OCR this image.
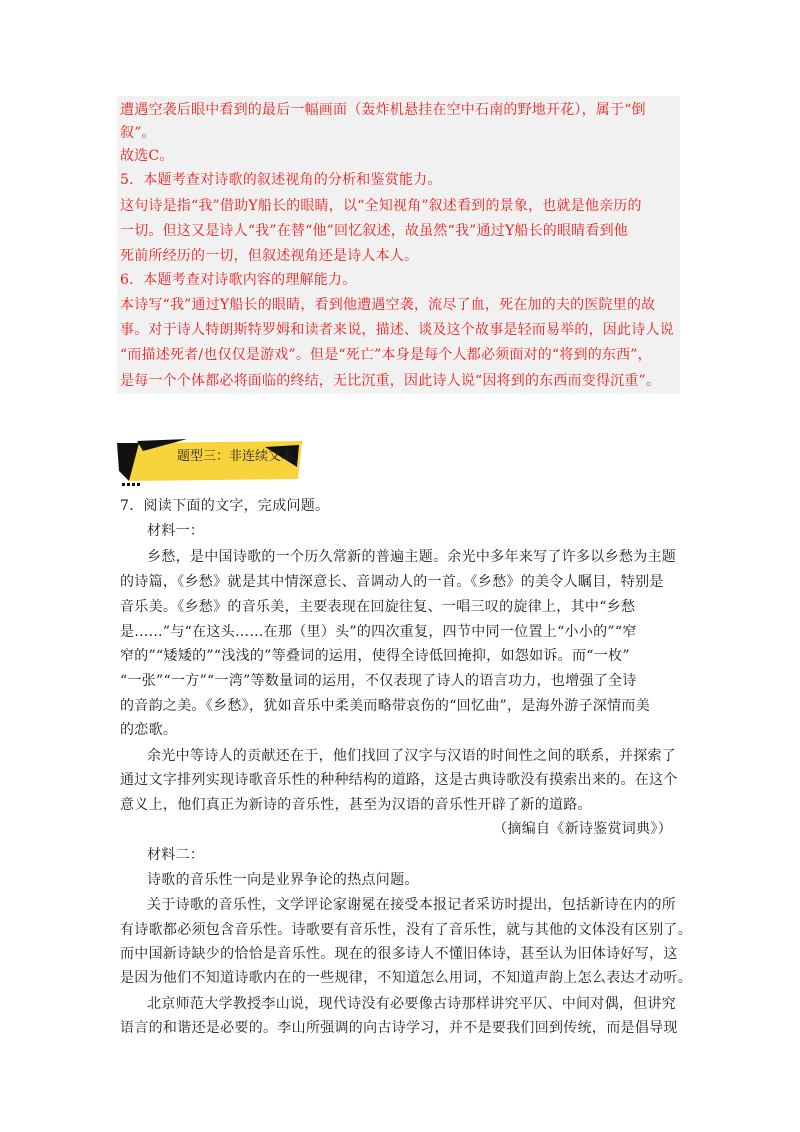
遭遇空袭后眼中看到的最后一幅画面（轰炸机悬挂在空中石南的野地开花），属于“倒
叙”。
故选C。
5．本题考查对诗歌的叙述视角的分析和鉴赏能力。
这句诗是指“我”借助Y船长的眼睛，以“全知视角”叙述看到的景象，也就是他亲历的
一切。但这又是诗人“我”在替“他”回忆叙述，故虽然“我”通过Y船长的眼睛看到他
死前所经历的一切，但叙述视角还是诗人本人。
6．本题考查对诗歌内容的理解能力。
本诗写“我”通过Y船长的眼睛，看到他遭遇空袭，流尽了血，死在加的夫的医院里的故
事。对于诗人特朗斯特罗姆和读者来说，描述、谈及这个故事是轻而易举的，因此诗人说
“而描述死者/也仅仅是游戏”。但是“死亡”本身是每个人都必须面对的“将到的东西”，
是每一个个体都必将面临的终结，无比沉重，因此诗人说“因将到的东西而变得沉重”。
题型三：非连续文本
7．阅读下面的文字，完成问题。
材料一：
乡愁，是中国诗歌的一个历久常新的普遍主题。余光中多年来写了许多以乡愁为主题
的诗篇，《乡愁》就是其中情深意长、音调动人的一首。《乡愁》的美令人瞩目，特别是
音乐美。《乡愁》的音乐美，主要表现在回旋往复、一唱三叹的旋律上，其中“乡愁
是……”与“在这头……在那（里）头”的四次重复，四节中同一位置上“小小的”“窄
窄的”“矮矮的”“浅浅的”等叠词的运用，使得全诗低回掩抑，如怨如诉。而“一枚”
“一张”“一方”“一湾”等数量词的运用，不仅表现了诗人的语言功力，也增强了全诗
的音韵之美。《乡愁》，犹如音乐中柔美而略带哀伤的“回忆曲”，是海外游子深情而美
的恋歌。
余光中等诗人的贡献还在于，他们找回了汉字与汉语的时间性之间的联系，并探索了
通过文字排列实现诗歌音乐性的种种结构的道路，这是古典诗歌没有摸索出来的。在这个
意义上，他们真正为新诗的音乐性，甚至为汉语的音乐性开辟了新的道路。
（摘编自《新诗鉴赏词典》）
材料二：
诗歌的音乐性一向是业界争论的热点问题。
关于诗歌的音乐性，文学评论家谢冕在接受本报记者采访时提出，包括新诗在内的所
有诗歌都必须包含音乐性。诗歌要有音乐性，没有了音乐性，就与其他的文体没有区别了。
而中国新诗缺少的恰恰是音乐性。现在的很多诗人不懂旧体诗，甚至认为旧体诗好写，这
是因为他们不知道诗歌内在的一些规律，不知道怎么用词，不知道声韵上怎么表达才动听。
北京师范大学教授李山说，现代诗没有必要像古诗那样讲究平仄、中间对偶，但讲究
语言的和谐还是必要的。李山所强调的向古诗学习，并不是要我们回到传统，而是倡导现
